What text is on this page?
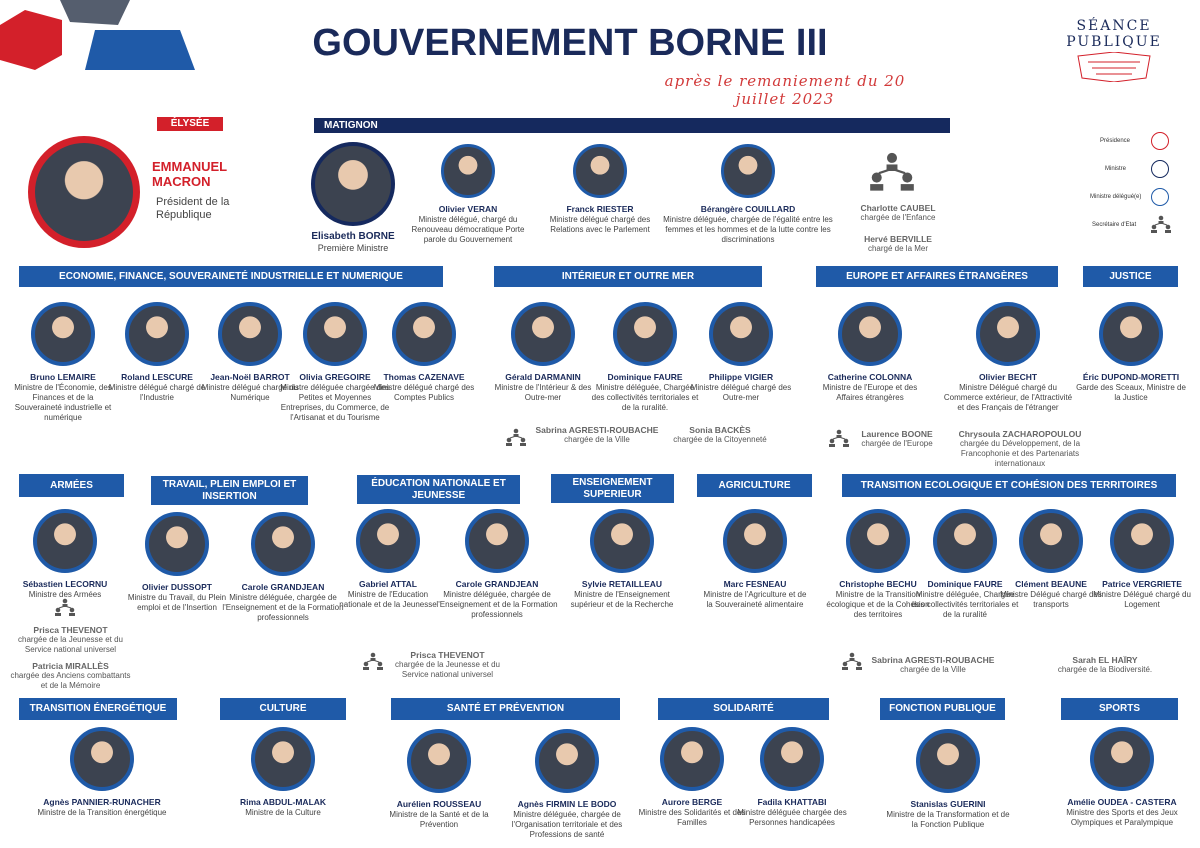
GOUVERNEMENT BORNE III
après le remaniement du 20 juillet 2023
SÉANCE
PUBLIQUE
Présidence
Ministre
Ministre délégué(e)
Secrétaire d'Etat
ÉLYSÉE
EMMANUEL MACRON
Président de la République
MATIGNON
Elisabeth BORNE
Première Ministre
Olivier VERAN
Ministre délégué, chargé du Renouveau démocratique Porte parole du Gouvernement
Franck RIESTER
Ministre délégué chargé des Relations avec le Parlement
Bérangère COUILLARD
Ministre déléguée, chargée de l'égalité entre les femmes et les hommes et de la lutte contre les discriminations
Charlotte CAUBEL
chargée de l'Enfance
Hervé BERVILLE
chargé de la Mer
ECONOMIE, FINANCE, SOUVERAINETÉ INDUSTRIELLE ET NUMERIQUE
Bruno LEMAIRE
Ministre de l'Économie, des Finances et de la Souveraineté industrielle et numérique
Roland LESCURE
Ministre délégué chargé de l'Industrie
Jean-Noël BARROT
Ministre délégué chargé du Numérique
Olivia GREGOIRE
Ministre déléguée chargée des Petites et Moyennes Entreprises, du Commerce, de l'Artisanat et du Tourisme
Thomas CAZENAVE
Ministre délégué chargé des Comptes Publics
INTÉRIEUR ET OUTRE MER
Gérald DARMANIN
Ministre de l'Intérieur & des Outre-mer
Dominique FAURE
Ministre déléguée, Chargée des collectivités territoriales et de la ruralité.
Philippe VIGIER
Ministre délégué chargé des Outre-mer
Sabrina AGRESTI-ROUBACHE
chargée de la Ville
Sonia BACKÈS
chargée de la Citoyenneté
EUROPE ET AFFAIRES ÉTRANGÈRES
Catherine COLONNA
Ministre de l'Europe et des Affaires étrangères
Olivier BECHT
Ministre Délégué chargé du Commerce extérieur, de l'Attractivité et des Français de l'étranger
Laurence BOONE
chargée de l'Europe
Chrysoula ZACHAROPOULOU
chargée du Développement, de la Francophonie et des Partenariats internationaux
JUSTICE
Éric DUPOND-MORETTI
Garde des Sceaux, Ministre de la Justice
ARMÉES
Sébastien LECORNU
Ministre des Armées
Prisca THEVENOT
chargée de la Jeunesse et du Service national universel
Patricia MIRALLÈS
chargée des Anciens combattants et de la Mémoire
TRAVAIL, PLEIN EMPLOI ET INSERTION
Olivier DUSSOPT
Ministre du Travail, du Plein emploi et de l'Insertion
Carole GRANDJEAN
Ministre déléguée, chargée de l'Enseignement et de la Formation professionnels
ÉDUCATION NATIONALE ET JEUNESSE
Gabriel ATTAL
Ministre de l'Education nationale et de la Jeunesse
Carole GRANDJEAN
Ministre déléguée, chargée de l'Enseignement et de la Formation professionnels
Prisca THEVENOT
chargée de la Jeunesse et du Service national universel
ENSEIGNEMENT SUPERIEUR
Sylvie RETAILLEAU
Ministre de l'Enseignement supérieur et de la Recherche
AGRICULTURE
Marc FESNEAU
Ministre de l'Agriculture et de la Souveraineté alimentaire
TRANSITION ECOLOGIQUE ET COHÉSION DES TERRITOIRES
Christophe BECHU
Ministre de la Transition écologique et de la Cohésion des territoires
Dominique FAURE
Ministre déléguée, Chargée des collectivités territoriales et de la ruralité
Clément BEAUNE
Ministre Délégué chargé des transports
Patrice VERGRIETE
Ministre Délégué chargé du Logement
Sabrina AGRESTI-ROUBACHE
chargée de la Ville
Sarah EL HAÏRY
chargée de la Biodiversité.
TRANSITION ÉNERGÉTIQUE
Agnès PANNIER-RUNACHER
Ministre de la Transition énergétique
CULTURE
Rima ABDUL-MALAK
Ministre de la Culture
SANTÉ ET PRÉVENTION
Aurélien ROUSSEAU
Ministre de la Santé et de la Prévention
Agnès FIRMIN LE BODO
Ministre déléguée, chargée de l'Organisation territoriale et des Professions de santé
SOLIDARITÉ
Aurore BERGE
Ministre des Solidarités et des Familles
Fadila KHATTABI
Ministre déléguée chargée des Personnes handicapées
FONCTION PUBLIQUE
Stanislas GUERINI
Ministre de la Transformation et de la Fonction Publique
SPORTS
Amélie OUDEA - CASTERA
Ministre des Sports et des Jeux Olympiques et Paralympique
